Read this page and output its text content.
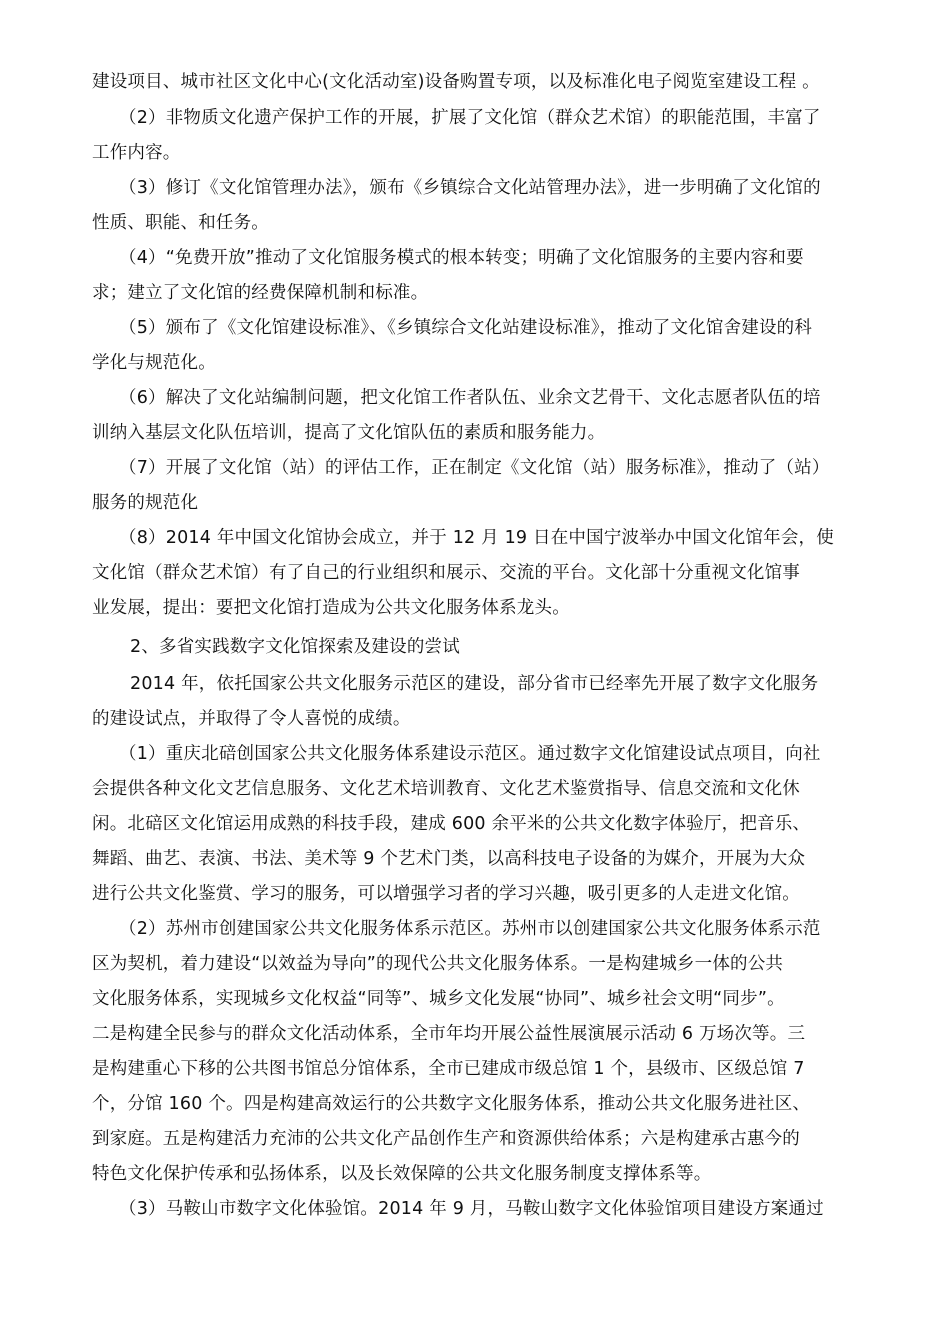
建设项目、城市社区文化中心(文化活动室)设备购置专项，以及标准化电子阅览室建设工程 。
（2）非物质文化遗产保护工作的开展，扩展了文化馆（群众艺术馆）的职能范围，丰富了
工作内容。
（3）修订《文化馆管理办法》，颁布《乡镇综合文化站管理办法》，进一步明确了文化馆的
性质、职能、和任务。
（4）“免费开放”推动了文化馆服务模式的根本转变；明确了文化馆服务的主要内容和要
求；建立了文化馆的经费保障机制和标准。
（5）颁布了《文化馆建设标准》、《乡镇综合文化站建设标准》，推动了文化馆舍建设的科
学化与规范化。
（6）解决了文化站编制问题，把文化馆工作者队伍、业余文艺骨干、文化志愿者队伍的培
训纳入基层文化队伍培训，提高了文化馆队伍的素质和服务能力。
（7）开展了文化馆（站）的评估工作，正在制定《文化馆（站）服务标准》，推动了（站）
服务的规范化
（8）2014 年中国文化馆协会成立，并于 12 月 19 日在中国宁波举办中国文化馆年会，使
文化馆（群众艺术馆）有了自己的行业组织和展示、交流的平台。文化部十分重视文化馆事
业发展，提出：要把文化馆打造成为公共文化服务体系龙头。
2、多省实践数字文化馆探索及建设的尝试
2014 年，依托国家公共文化服务示范区的建设，部分省市已经率先开展了数字文化服务
的建设试点，并取得了令人喜悦的成绩。
（1）重庆北碚创国家公共文化服务体系建设示范区。通过数字文化馆建设试点项目，向社
会提供各种文化文艺信息服务、文化艺术培训教育、文化艺术鉴赏指导、信息交流和文化休
闲。北碚区文化馆运用成熟的科技手段，建成 600 余平米的公共文化数字体验厅，把音乐、
舞蹈、曲艺、表演、书法、美术等 9 个艺术门类，以高科技电子设备的为媒介，开展为大众
进行公共文化鉴赏、学习的服务，可以增强学习者的学习兴趣，吸引更多的人走进文化馆。
（2）苏州市创建国家公共文化服务体系示范区。苏州市以创建国家公共文化服务体系示范
区为契机，着力建设“以效益为导向”的现代公共文化服务体系。一是构建城乡一体的公共
文化服务体系，实现城乡文化权益“同等”、城乡文化发展“协同”、城乡社会文明“同步”。
二是构建全民参与的群众文化活动体系，全市年均开展公益性展演展示活动 6 万场次等。三
是构建重心下移的公共图书馆总分馆体系，全市已建成市级总馆 1 个，县级市、区级总馆 7
个，分馆 160 个。四是构建高效运行的公共数字文化服务体系，推动公共文化服务进社区、
到家庭。五是构建活力充沛的公共文化产品创作生产和资源供给体系；六是构建承古惠今的
特色文化保护传承和弘扬体系，以及长效保障的公共文化服务制度支撑体系等。
（3）马鞍山市数字文化体验馆。2014 年 9 月，马鞍山数字文化体验馆项目建设方案通过
